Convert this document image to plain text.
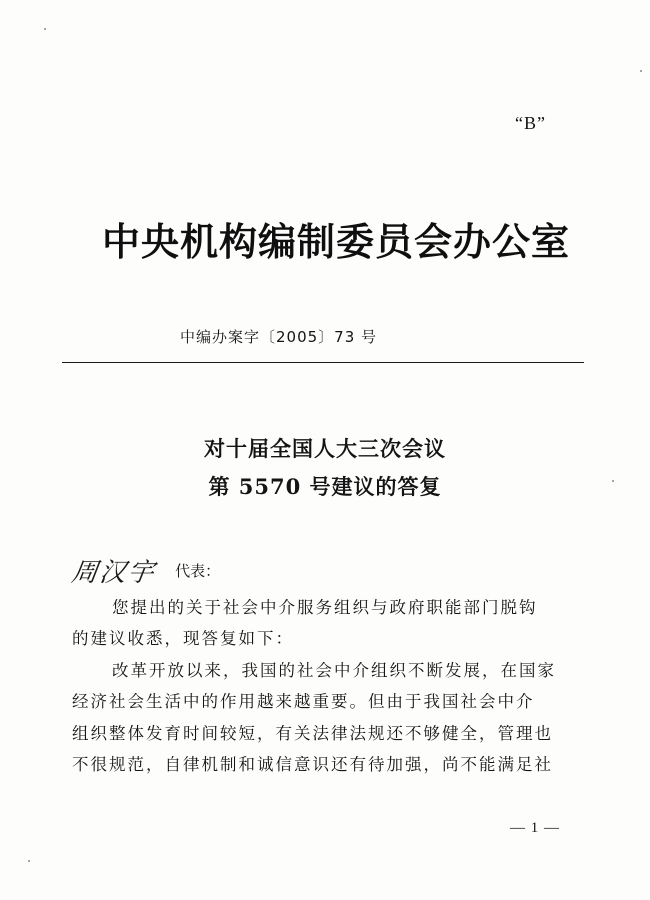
“B”
中央机构编制委员会办公室
中编办案字〔2005〕73 号
对十届全国人大三次会议
第 5570 号建议的答复
周汉宇 代表：
您提出的关于社会中介服务组织与政府职能部门脱钩
的建议收悉，现答复如下：
改革开放以来，我国的社会中介组织不断发展，在国家
经济社会生活中的作用越来越重要。但由于我国社会中介
组织整体发育时间较短，有关法律法规还不够健全，管理也
不很规范，自律机制和诚信意识还有待加强，尚不能满足社
— 1 —
